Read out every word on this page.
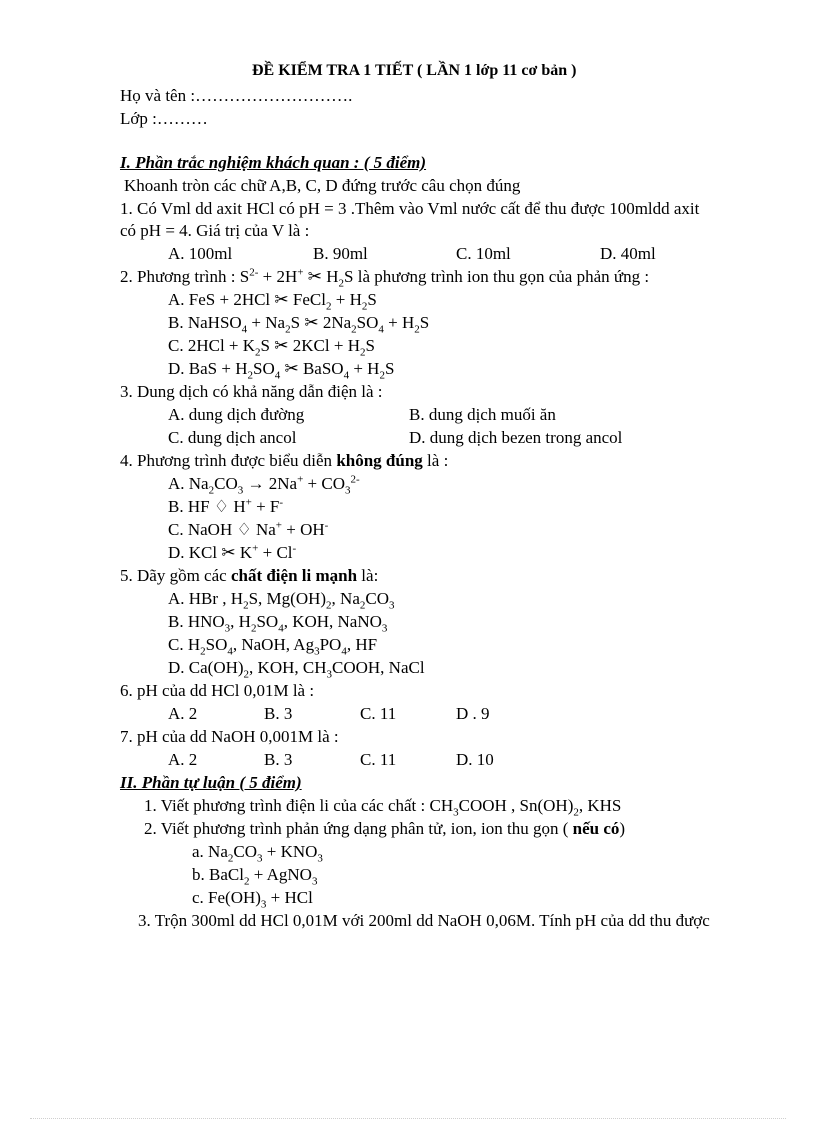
ĐỀ KIỂM TRA 1 TIẾT ( LẦN 1 lớp 11 cơ bản )
Họ và tên :……………………….
Lớp :………
I. Phần trắc nghiệm khách quan : ( 5 điểm)
Khoanh tròn các chữ A,B, C, D đứng trước câu chọn đúng
1. Có Vml dd axit HCl có pH = 3 .Thêm vào Vml nước cất để thu được 100mldd axit
có pH = 4. Giá trị của V là :
A. 100ml	B. 90ml	C. 10ml	D. 40ml
2. Phương trình : $S^{2-} + 2H^+$ ✂ $H_2S$ là phương trình ion thu gọn của phản ứng :
A. FeS + 2HCl ✂ FeCl$_2$ + $H_2S$
B. NaHSO$_4$ + $Na_2S$ ✂ $2Na_2SO_4 + H_2S$
C. $2HCl + K_2S$ ✂ $2KCl + H_2S$
D. BaS + $H_2SO_4$ ✂ BaSO$_4$ + $H_2S$
3. Dung dịch có khả năng dẫn điện là :
A. dung dịch đường	B. dung dịch muối ăn
C. dung dịch ancol	D. dung dịch bezen trong ancol
4. Phương trình được biểu diễn không đúng là :
A. $Na_2CO_3 \to 2Na^+ + CO_3^{2-}$
B. HF ♢ H+ + F-
C. NaOH ♢ Na+ + OH-
D. KCl ✂ K+ + Cl-
5. Dãy gồm các chất điện li mạnh là:
A. HBr , $H_2S$, $Mg(OH)_2$, $Na_2CO_3$
B. $HNO_3$, $H_2SO_4$, KOH, NaNO$_3$
C. $H_2SO_4$, NaOH, $Ag_3PO_4$, HF
D. $Ca(OH)_2$, KOH, $CH_3COOH$, NaCl
6. pH của dd HCl 0,01M là :
A. 2	B. 3	C. 11	D . 9
7. pH của dd NaOH 0,001M là :
A. 2	B. 3	C. 11	D. 10
II. Phần tự luận ( 5 điểm)
1. Viết phương trình điện li của các chất : $CH_3COOH$ , $Sn(OH)_2$, KHS
2. Viết phương trình phản ứng dạng phân tử, ion, ion thu gọn ( nếu có)
a. $Na_2CO_3 + KNO_3$
b. BaCl$_2$ + AgNO$_3$
c. $Fe(OH)_3$ + HCl
3. Trộn 300ml dd HCl 0,01M với 200ml dd NaOH 0,06M. Tính pH của dd thu được
